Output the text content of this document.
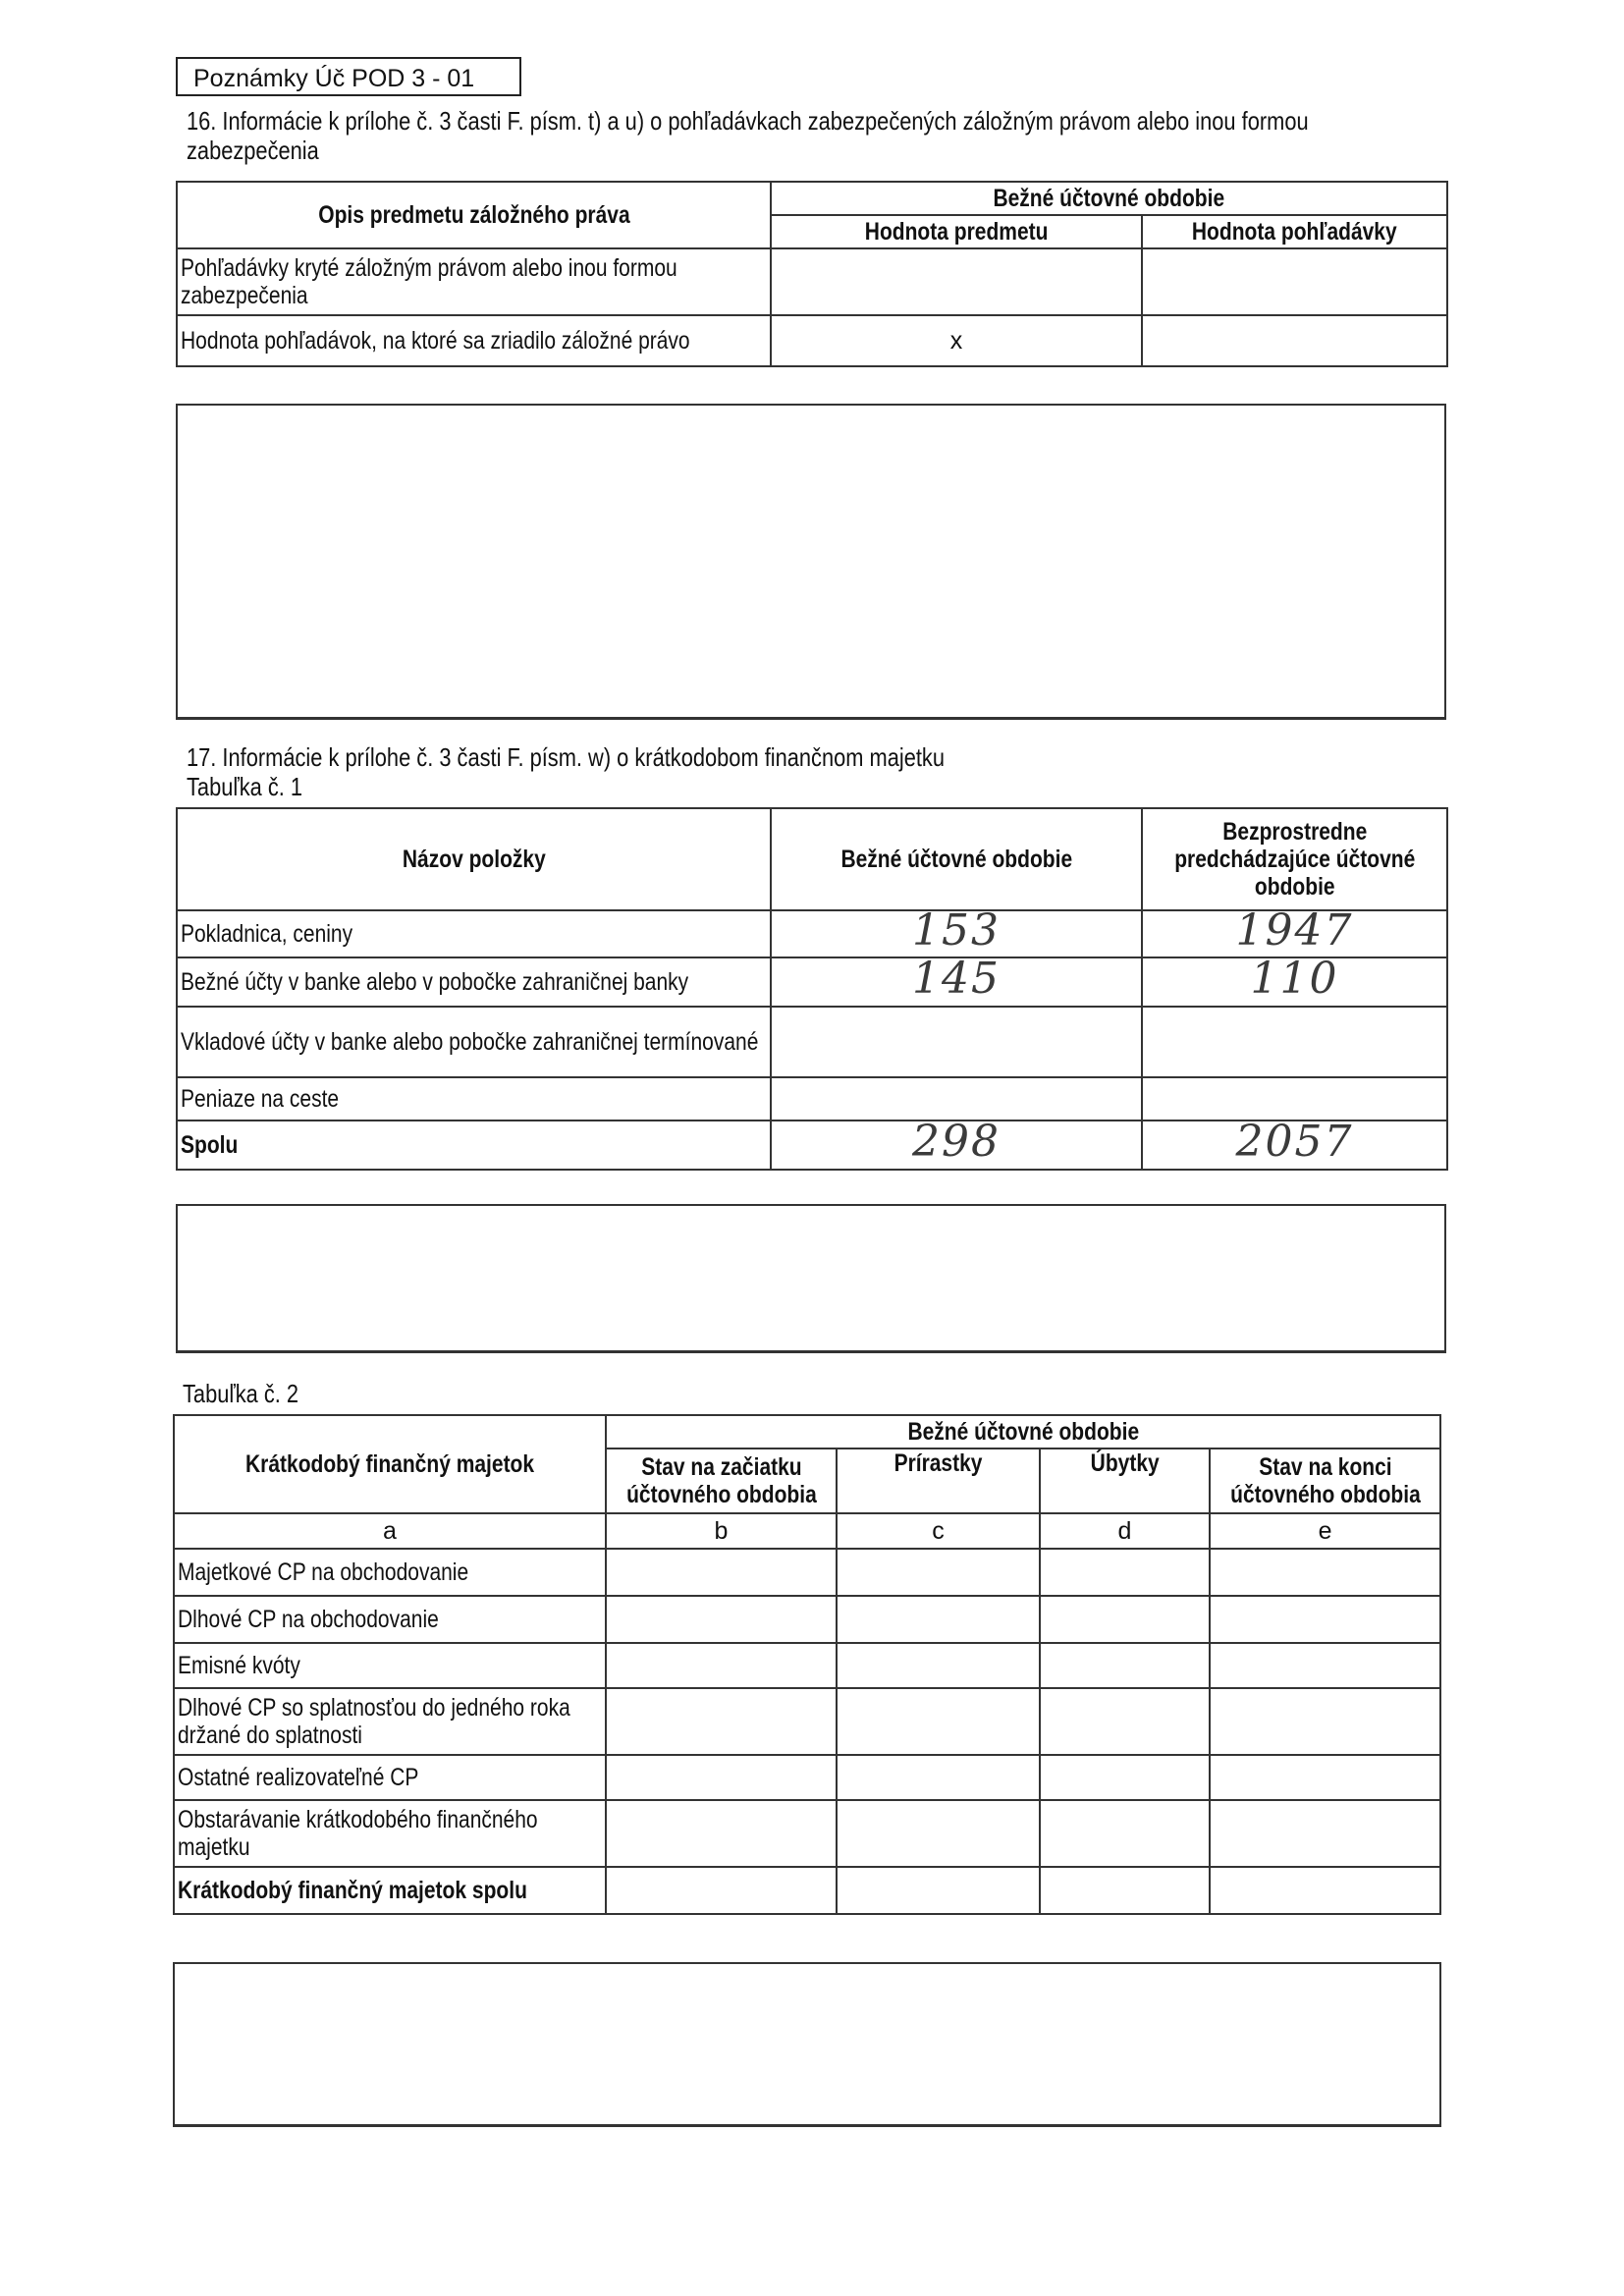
Poznámky Úč POD 3 - 01
16. Informácie k prílohe č. 3 časti F. písm. t) a u) o pohľadávkach zabezpečených záložným právom alebo inou formou
zabezpečenia
Opis predmetu záložného práva	Bežné účtovné obdobie	
	Hodnota predmetu	Hodnota pohľadávky
Pohľadávky kryté záložným právom alebo inou formou zabezpečenia		
Hodnota pohľadávok, na ktoré sa zriadilo záložné právo	x	
17. Informácie k prílohe č. 3 časti F. písm. w) o krátkodobom finančnom majetku
Tabuľka č. 1
Názov položky	Bežné účtovné obdobie	Bezprostredne predchádzajúce účtovné obdobie
Pokladnica, ceniny	153	1947
Bežné účty v banke alebo v pobočke zahraničnej banky	145	110
Vkladové účty v banke alebo pobočke zahraničnej termínované		
Peniaze na ceste		
Spolu	298	2057
Tabuľka č. 2
Krátkodobý finančný majetok	Bežné účtovné obdobie			
	Stav na začiatku účtovného obdobia	Prírastky	Úbytky	Stav na konci účtovného obdobia
a	b	c	d	e
Majetkové CP na obchodovanie				
Dlhové CP na obchodovanie				
Emisné kvóty				
Dlhové CP so splatnosťou do jedného roka držané do splatnosti				
Ostatné realizovateľné CP				
Obstarávanie krátkodobého finančného majetku				
Krátkodobý finančný majetok spolu				
